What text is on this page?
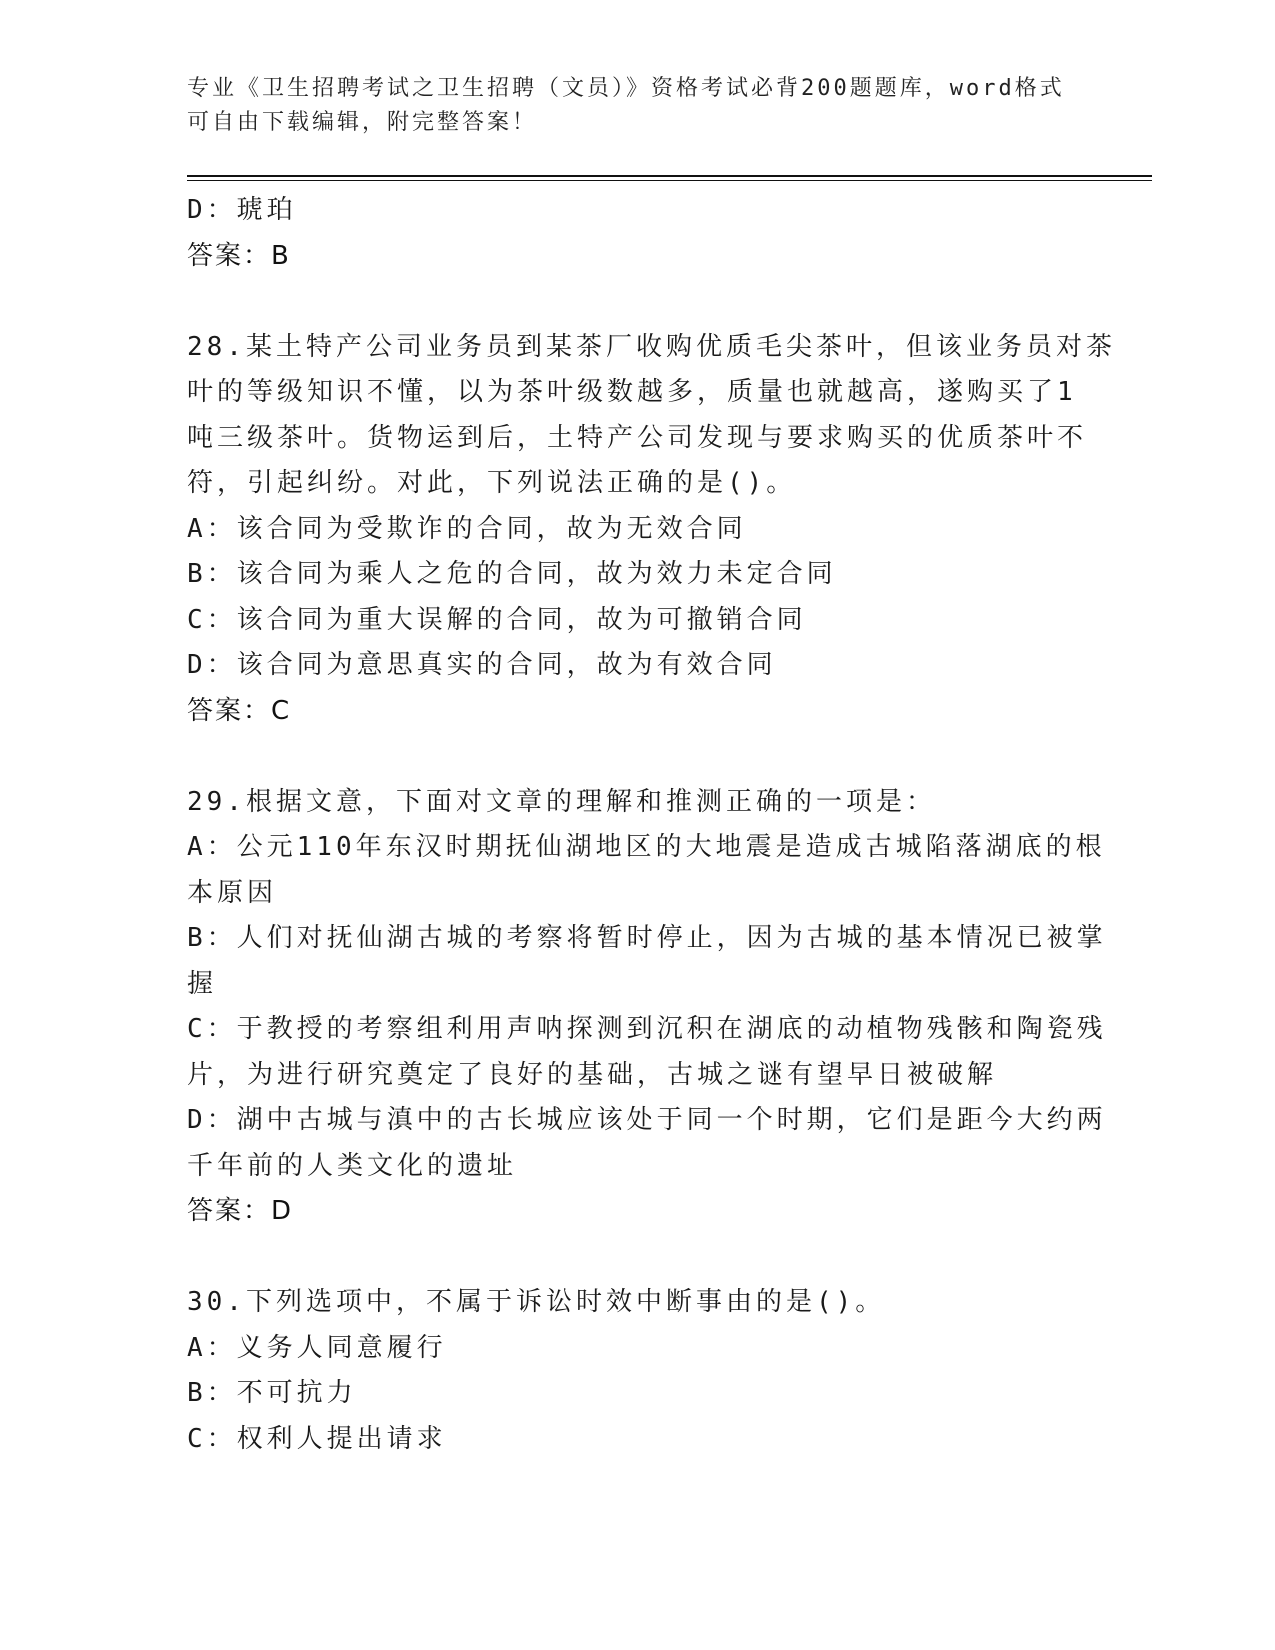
专业《卫生招聘考试之卫生招聘（文员）》资格考试必背200题题库，word格式
可自由下载编辑，附完整答案！
D：琥珀
答案：B
28.某土特产公司业务员到某茶厂收购优质毛尖茶叶，但该业务员对茶
叶的等级知识不懂，以为茶叶级数越多，质量也就越高，遂购买了1
吨三级茶叶。货物运到后，土特产公司发现与要求购买的优质茶叶不
符，引起纠纷。对此，下列说法正确的是()。
A：该合同为受欺诈的合同，故为无效合同
B：该合同为乘人之危的合同，故为效力未定合同
C：该合同为重大误解的合同，故为可撤销合同
D：该合同为意思真实的合同，故为有效合同
答案：C
29.根据文意，下面对文章的理解和推测正确的一项是：
A：公元110年东汉时期抚仙湖地区的大地震是造成古城陷落湖底的根
本原因
B：人们对抚仙湖古城的考察将暂时停止，因为古城的基本情况已被掌
握
C：于教授的考察组利用声呐探测到沉积在湖底的动植物残骸和陶瓷残
片，为进行研究奠定了良好的基础，古城之谜有望早日被破解
D：湖中古城与滇中的古长城应该处于同一个时期，它们是距今大约两
千年前的人类文化的遗址
答案：D
30.下列选项中，不属于诉讼时效中断事由的是()。
A：义务人同意履行
B：不可抗力
C：权利人提出请求
